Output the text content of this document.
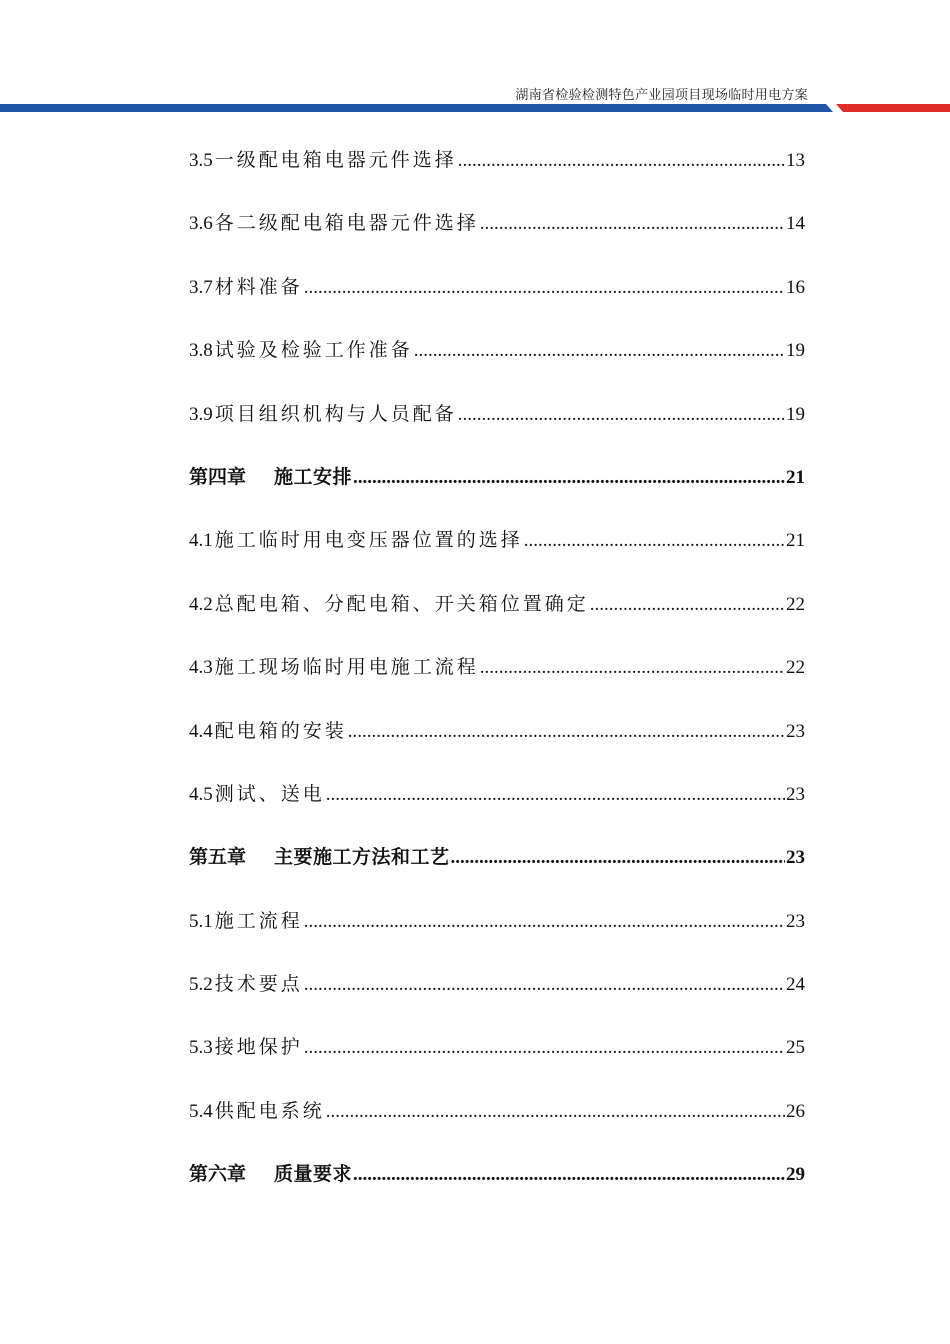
湖南省检验检测特色产业园项目现场临时用电方案
3.5 一级配电箱电器元件选择 .....	13
3.6 各二级配电箱电器元件选择 .....	14
3.7 材料准备 .....	16
3.8 试验及检验工作准备 .....	19
3.9 项目组织机构与人员配备 .....	19
第四章 施工安排 .....	21
4.1 施工临时用电变压器位置的选择 .....	21
4.2 总配电箱、分配电箱、开关箱位置确定 .....	22
4.3 施工现场临时用电施工流程 .....	22
4.4 配电箱的安装 .....	23
4.5 测试、送电 .....	23
第五章 主要施工方法和工艺 .....	23
5.1 施工流程 .....	23
5.2 技术要点 .....	24
5.3 接地保护 .....	25
5.4 供配电系统 .....	26
第六章 质量要求 .....	29
